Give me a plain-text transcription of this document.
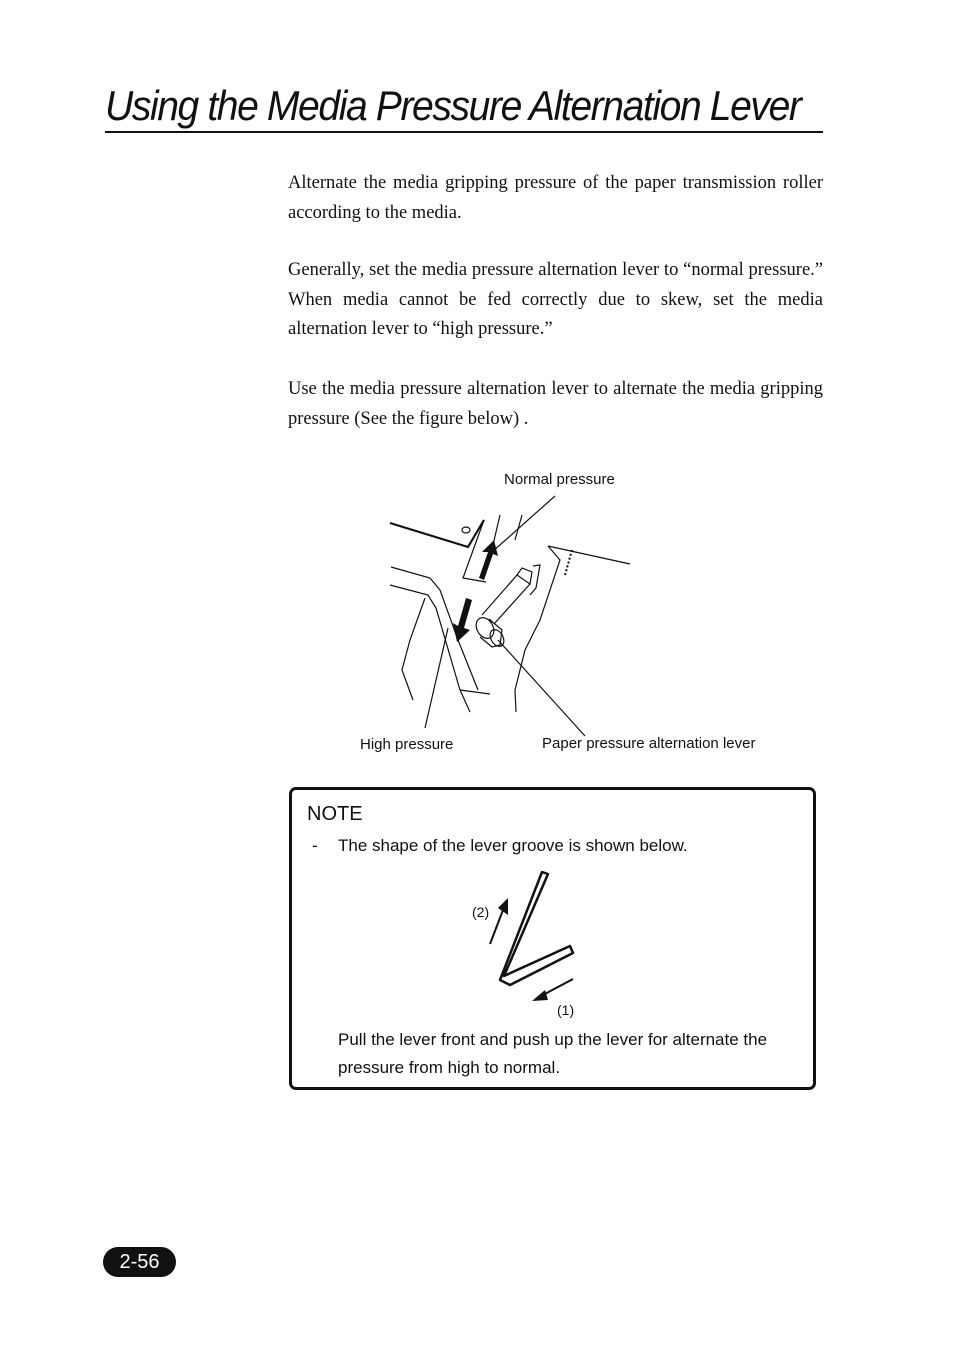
Using the Media Pressure Alternation Lever

Alternate the media gripping pressure of the paper transmission roller according to the media.

Generally, set the media pressure alternation lever to “normal pressure.” When media cannot be fed correctly due to skew, set the media alternation lever to “high pressure.”

Use the media pressure alternation lever to alternate the media gripping pressure (See the figure below) .

Normal pressure
High pressure	Paper pressure alternation lever
NOTE
- The shape of the lever groove is shown below.
(2)
(1)

Pull the lever front and push up the lever for alternate the pressure from high to normal.

2-56
